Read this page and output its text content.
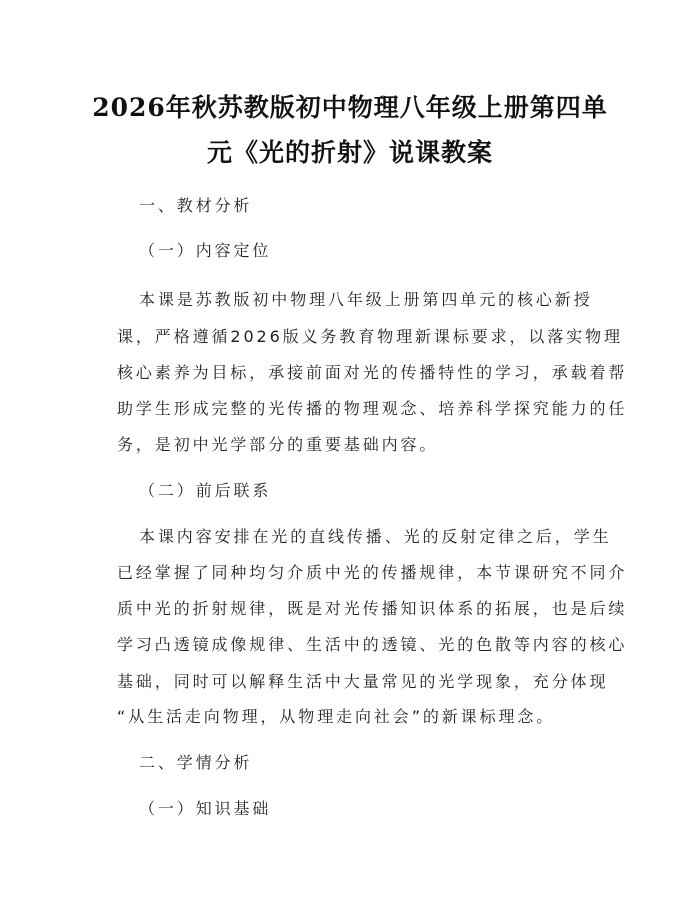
2026年秋苏教版初中物理八年级上册第四单
元《光的折射》说课教案
一、教材分析
（一）内容定位
本课是苏教版初中物理八年级上册第四单元的核心新授
课，严格遵循2026版义务教育物理新课标要求，以落实物理
核心素养为目标，承接前面对光的传播特性的学习，承载着帮
助学生形成完整的光传播的物理观念、培养科学探究能力的任
务，是初中光学部分的重要基础内容。
（二）前后联系
本课内容安排在光的直线传播、光的反射定律之后，学生
已经掌握了同种均匀介质中光的传播规律，本节课研究不同介
质中光的折射规律，既是对光传播知识体系的拓展，也是后续
学习凸透镜成像规律、生活中的透镜、光的色散等内容的核心
基础，同时可以解释生活中大量常见的光学现象，充分体现
“从生活走向物理，从物理走向社会”的新课标理念。
二、学情分析
（一）知识基础
